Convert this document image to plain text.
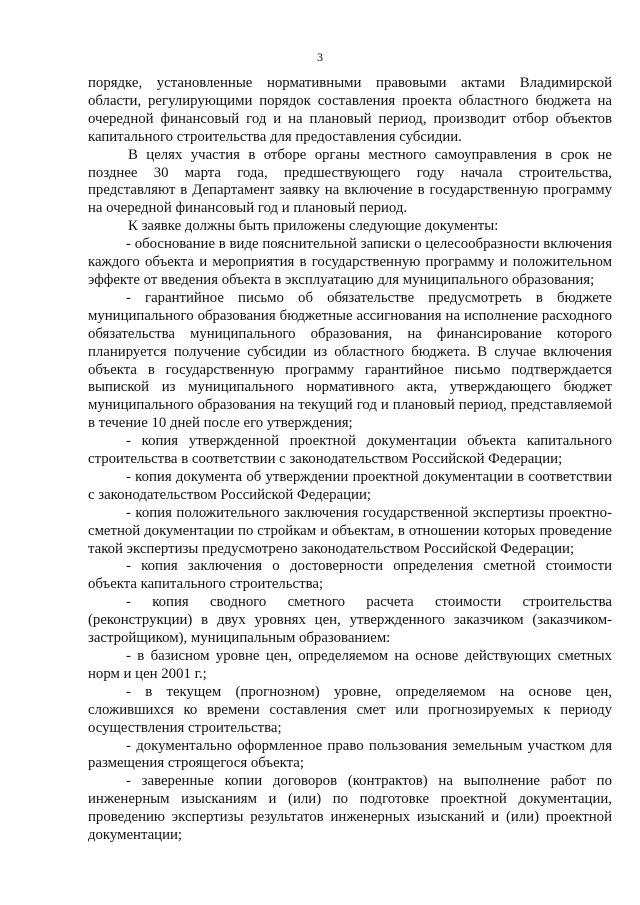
3

порядке, установленные нормативными правовыми актами Владимирской области, регулирующими порядок составления проекта областного бюджета на очередной финансовый год и на плановый период, производит отбор объектов капитального строительства для предоставления субсидии.

В целях участия в отборе органы местного самоуправления в срок не позднее 30 марта года, предшествующего году начала строительства, представляют в Департамент заявку на включение в государственную программу на очередной финансовый год и плановый период.

К заявке должны быть приложены следующие документы:

- обоснование в виде пояснительной записки о целесообразности включения каждого объекта и мероприятия в государственную программу и положительном эффекте от введения объекта в эксплуатацию для муниципального образования;

- гарантийное письмо об обязательстве предусмотреть в бюджете муниципального образования бюджетные ассигнования на исполнение расходного обязательства муниципального образования, на финансирование которого планируется получение субсидии из областного бюджета. В случае включения объекта в государственную программу гарантийное письмо подтверждается выпиской из муниципального нормативного акта, утверждающего бюджет муниципального образования на текущий год и плановый период, представляемой в течение 10 дней после его утверждения;

- копия утвержденной проектной документации объекта капитального строительства в соответствии с законодательством Российской Федерации;

- копия документа об утверждении проектной документации в соответствии с законодательством Российской Федерации;

- копия положительного заключения государственной экспертизы проектно-сметной документации по стройкам и объектам, в отношении которых проведение такой экспертизы предусмотрено законодательством Российской Федерации;

- копия заключения о достоверности определения сметной стоимости объекта капитального строительства;

- копия сводного сметного расчета стоимости строительства (реконструкции) в двух уровнях цен, утвержденного заказчиком (заказчиком-застройщиком), муниципальным образованием:

- в базисном уровне цен, определяемом на основе действующих сметных норм и цен 2001 г.;

- в текущем (прогнозном) уровне, определяемом на основе цен, сложившихся ко времени составления смет или прогнозируемых к периоду осуществления строительства;

- документально оформленное право пользования земельным участком для размещения строящегося объекта;

- заверенные копии договоров (контрактов) на выполнение работ по инженерным изысканиям и (или) по подготовке проектной документации, проведению экспертизы результатов инженерных изысканий и (или) проектной документации;
